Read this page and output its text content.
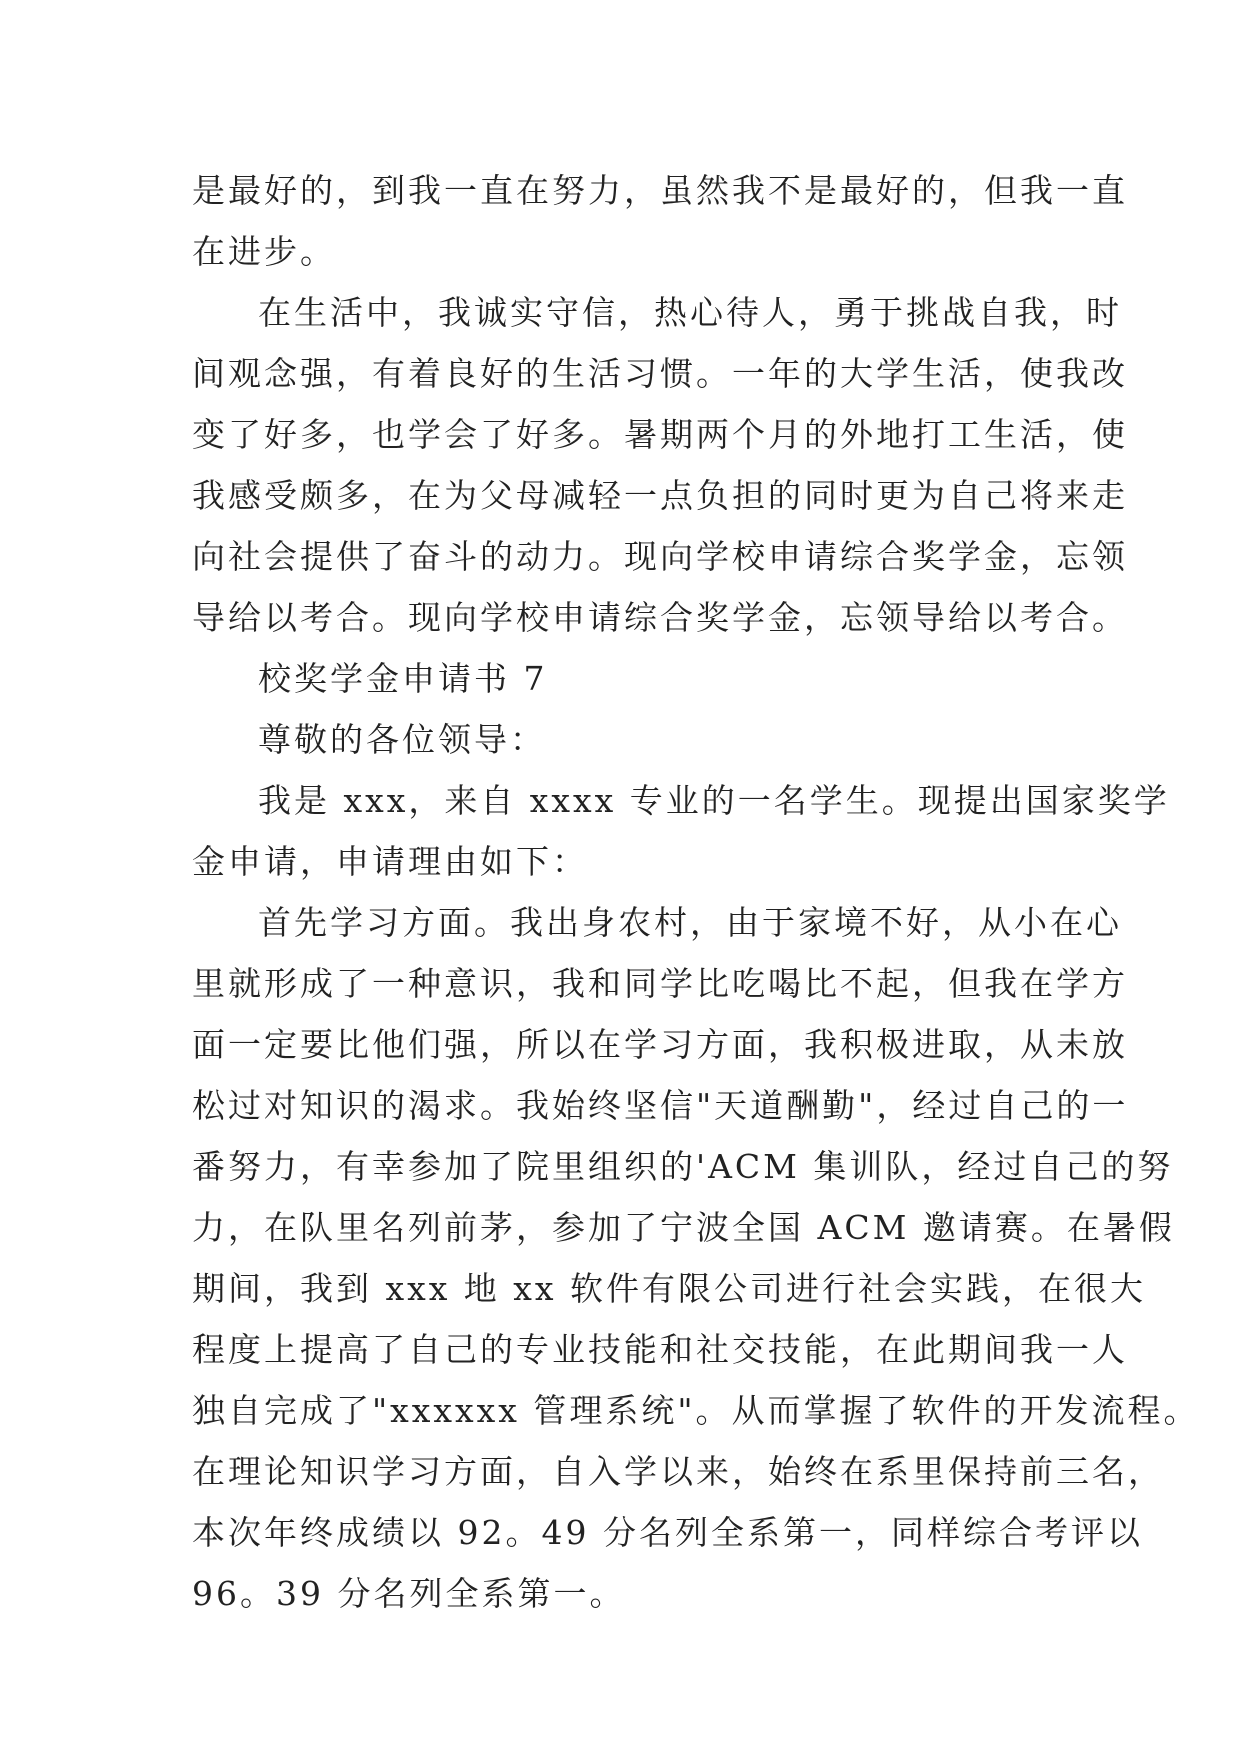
是最好的，到我一直在努力，虽然我不是最好的，但我一直
在进步。
在生活中，我诚实守信，热心待人，勇于挑战自我，时
间观念强，有着良好的生活习惯。一年的大学生活，使我改
变了好多，也学会了好多。暑期两个月的外地打工生活，使
我感受颇多，在为父母减轻一点负担的同时更为自己将来走
向社会提供了奋斗的动力。现向学校申请综合奖学金，忘领
导给以考合。现向学校申请综合奖学金，忘领导给以考合。
校奖学金申请书 7
尊敬的各位领导：
我是 xxx，来自 xxxx 专业的一名学生。现提出国家奖学
金申请，申请理由如下：
首先学习方面。我出身农村，由于家境不好，从小在心
里就形成了一种意识，我和同学比吃喝比不起，但我在学方
面一定要比他们强，所以在学习方面，我积极进取，从未放
松过对知识的渴求。我始终坚信"天道酬勤"，经过自己的一
番努力，有幸参加了院里组织的'ACM 集训队，经过自己的努
力，在队里名列前茅，参加了宁波全国 ACM 邀请赛。在暑假
期间，我到 xxx 地 xx 软件有限公司进行社会实践，在很大
程度上提高了自己的专业技能和社交技能，在此期间我一人
独自完成了"xxxxxx 管理系统"。从而掌握了软件的开发流程。
在理论知识学习方面，自入学以来，始终在系里保持前三名，
本次年终成绩以 92。49 分名列全系第一，同样综合考评以
96。39 分名列全系第一。
